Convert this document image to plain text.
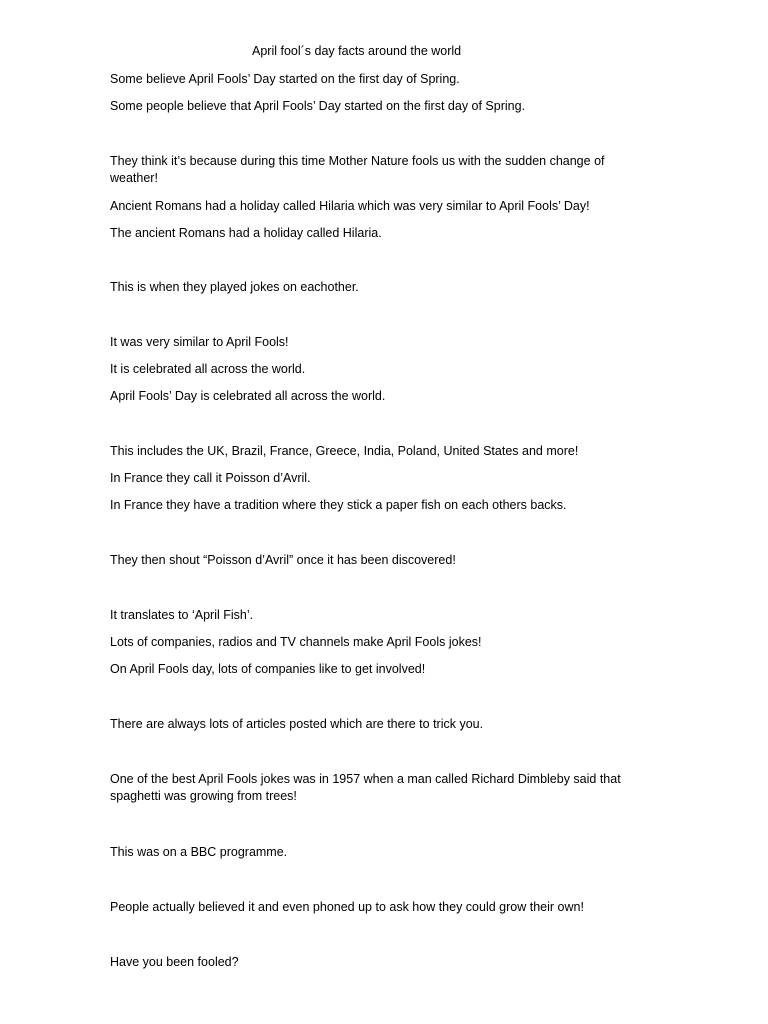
April fool´s day facts around the world

Some believe April Fools’ Day started on the first day of Spring.

Some people believe that April Fools’ Day started on the first day of Spring.

They think it’s because during this time Mother Nature fools us with the sudden change of weather!

Ancient Romans had a holiday called Hilaria which was very similar to April Fools’ Day!

The ancient Romans had a holiday called Hilaria.

This is when they played jokes on eachother.

It was very similar to April Fools!

It is celebrated all across the world.

April Fools’ Day is celebrated all across the world.

This includes the UK, Brazil, France, Greece, India, Poland, United States and more!

In France they call it Poisson d’Avril.

In France they have a tradition where they stick a paper fish on each others backs.

They then shout “Poisson d’Avril” once it has been discovered!

It translates to ‘April Fish’.

Lots of companies, radios and TV channels make April Fools jokes!

On April Fools day, lots of companies like to get involved!

There are always lots of articles posted which are there to trick you.

One of the best April Fools jokes was in 1957 when a man called Richard Dimbleby said that spaghetti was growing from trees!

This was on a BBC programme.

People actually believed it and even phoned up to ask how they could grow their own!

Have you been fooled?
